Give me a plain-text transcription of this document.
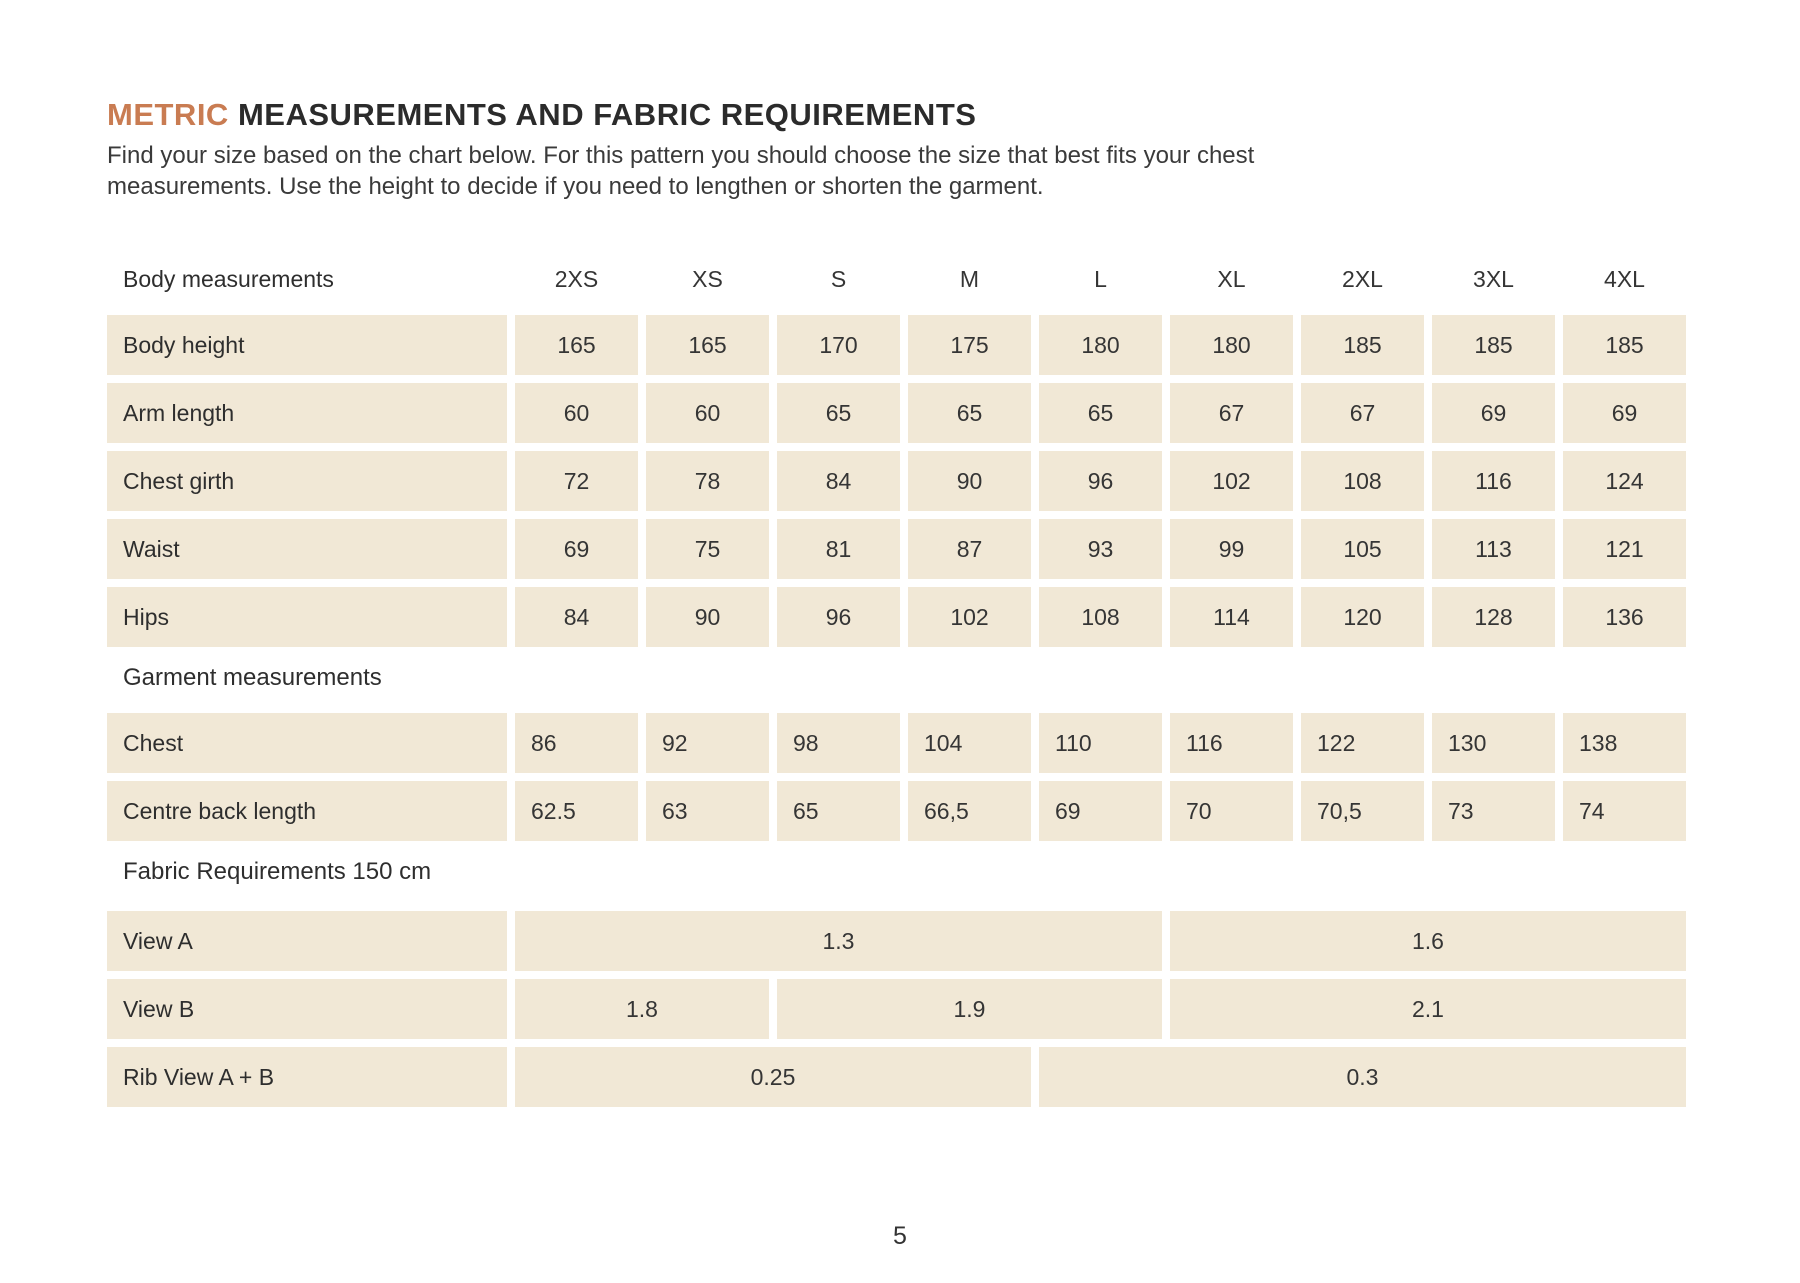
METRIC MEASUREMENTS AND FABRIC REQUIREMENTS

Find your size based on the chart below. For this pattern you should choose the size that best fits your chest measurements. Use the height to decide if you need to lengthen or shorten the garment.

Body measurements	2XS	XS	S	M	L	XL	2XL	3XL	4XL
Body height	165	165	170	175	180	180	185	185	185
Arm length	60	60	65	65	65	67	67	69	69
Chest girth	72	78	84	90	96	102	108	116	124
Waist	69	75	81	87	93	99	105	113	121
Hips	84	90	96	102	108	114	120	128	136
Garment measurements
Chest	86	92	98	104	110	116	122	130	138
Centre back length	62.5	63	65	66,5	69	70	70,5	73	74
Fabric Requirements 150 cm
View A	1.3	1.6
View B	1.8	1.9	2.1
Rib View A + B	0.25	0.3
5
